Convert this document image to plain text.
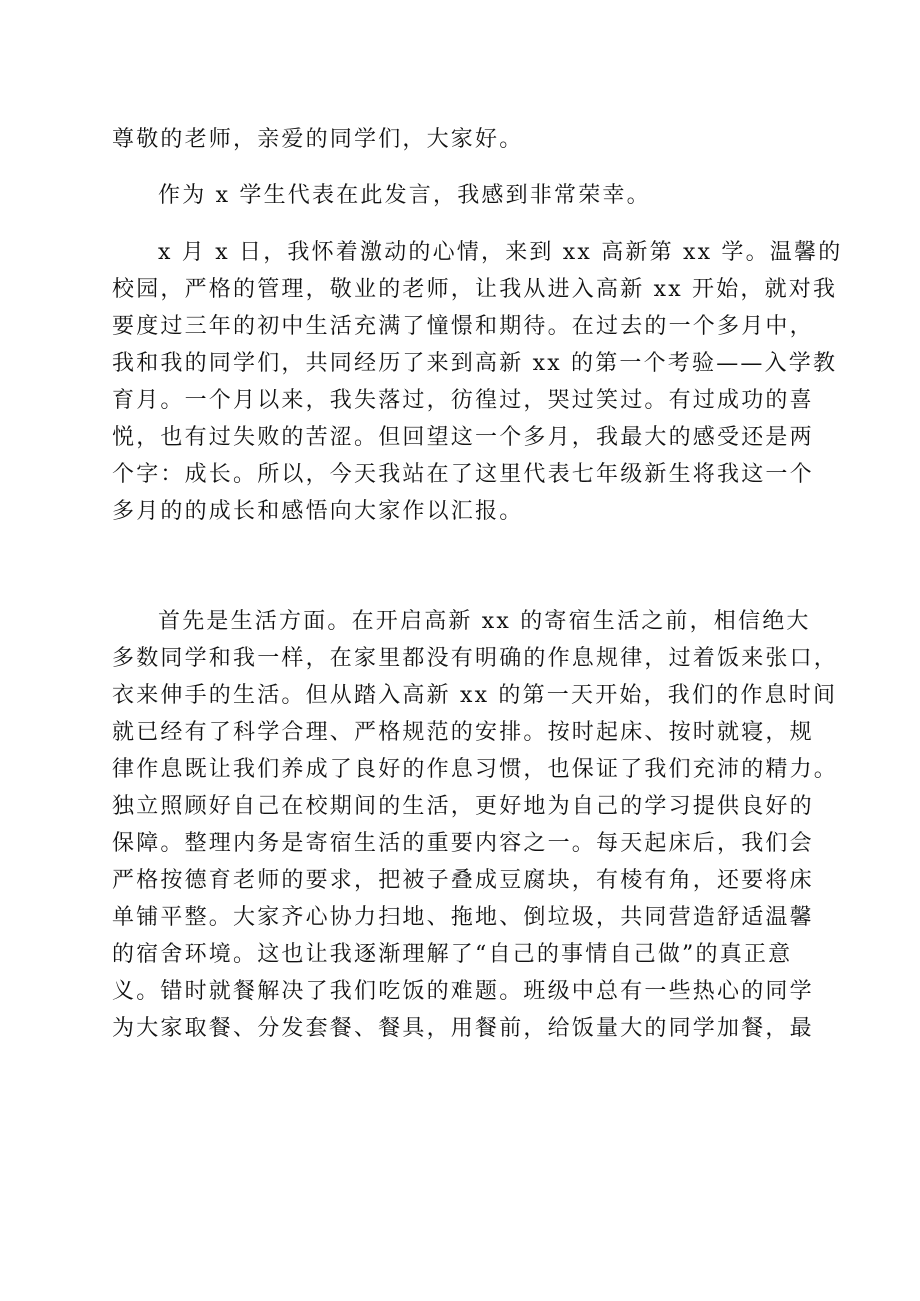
尊敬的老师，亲爱的同学们，大家好。
作为 x 学生代表在此发言，我感到非常荣幸。
x 月 x 日，我怀着激动的心情，来到 xx 高新第 xx 学。温馨的
校园，严格的管理，敬业的老师，让我从进入高新 xx 开始，就对我
要度过三年的初中生活充满了憧憬和期待。在过去的一个多月中，
我和我的同学们，共同经历了来到高新 xx 的第一个考验——入学教
育月。一个月以来，我失落过，彷徨过，哭过笑过。有过成功的喜
悦，也有过失败的苦涩。但回望这一个多月，我最大的感受还是两
个字：成长。所以，今天我站在了这里代表七年级新生将我这一个
多月的的成长和感悟向大家作以汇报。
首先是生活方面。在开启高新 xx 的寄宿生活之前，相信绝大
多数同学和我一样，在家里都没有明确的作息规律，过着饭来张口，
衣来伸手的生活。但从踏入高新 xx 的第一天开始，我们的作息时间
就已经有了科学合理、严格规范的安排。按时起床、按时就寝，规
律作息既让我们养成了良好的作息习惯，也保证了我们充沛的精力。
独立照顾好自己在校期间的生活，更好地为自己的学习提供良好的
保障。整理内务是寄宿生活的重要内容之一。每天起床后，我们会
严格按德育老师的要求，把被子叠成豆腐块，有棱有角，还要将床
单铺平整。大家齐心协力扫地、拖地、倒垃圾，共同营造舒适温馨
的宿舍环境。这也让我逐渐理解了“自己的事情自己做”的真正意
义。错时就餐解决了我们吃饭的难题。班级中总有一些热心的同学
为大家取餐、分发套餐、餐具，用餐前，给饭量大的同学加餐，最
